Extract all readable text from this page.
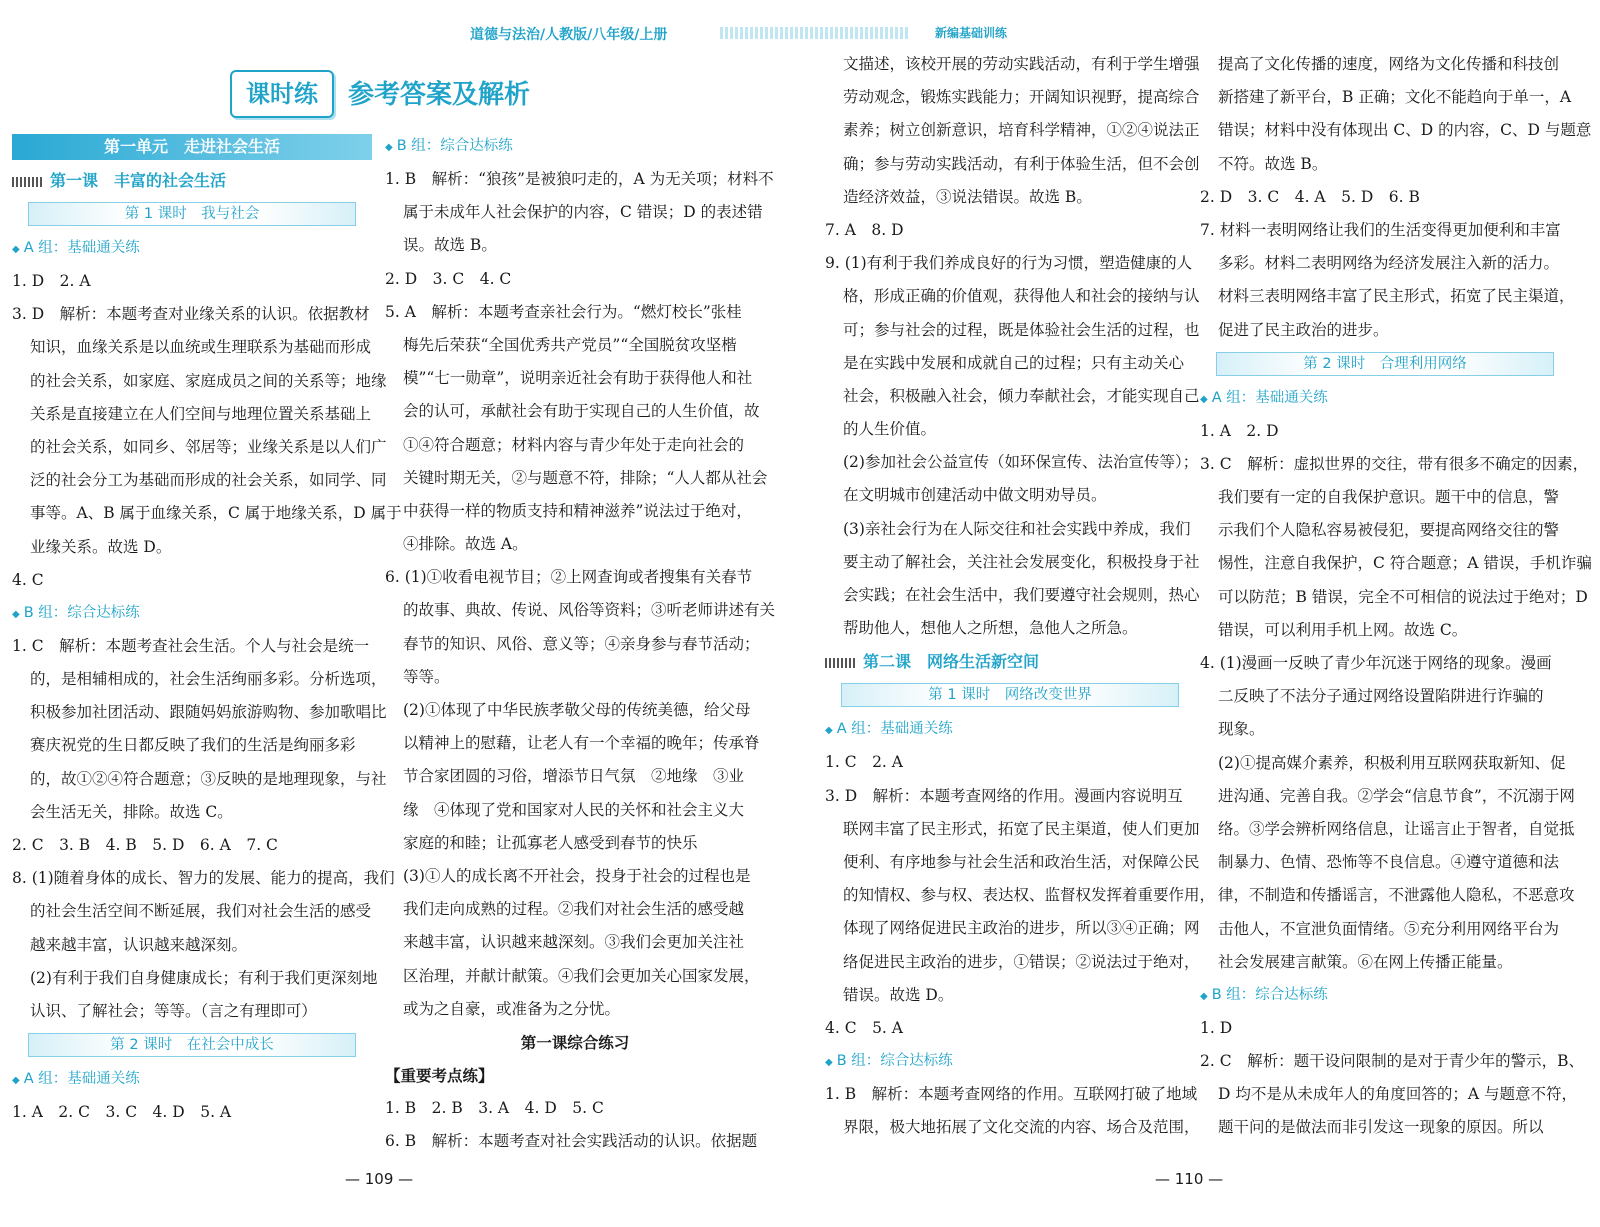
道德与法治/人教版/八年级/上册	新编基础训练
课时练	参考答案及解析
第一单元　走进社会生活
第一课　丰富的社会生活
第 1 课时　我与社会
◆ A 组：基础通关练
1. D　2. A
3. D　解析：本题考查对业缘关系的认识。依据教材
知识，血缘关系是以血统或生理联系为基础而形成
的社会关系，如家庭、家庭成员之间的关系等；地缘
关系是直接建立在人们空间与地理位置关系基础上
的社会关系，如同乡、邻居等；业缘关系是以人们广
泛的社会分工为基础而形成的社会关系，如同学、同
事等。A、B 属于血缘关系，C 属于地缘关系，D 属于
业缘关系。故选 D。
4. C
◆ B 组：综合达标练
1. C　解析：本题考查社会生活。个人与社会是统一
的，是相辅相成的，社会生活绚丽多彩。分析选项，
积极参加社团活动、跟随妈妈旅游购物、参加歌唱比
赛庆祝党的生日都反映了我们的生活是绚丽多彩
的，故①②④符合题意；③反映的是地理现象，与社
会生活无关，排除。故选 C。
2. C　3. B　4. B　5. D　6. A　7. C
8. (1)随着身体的成长、智力的发展、能力的提高，我们
的社会生活空间不断延展，我们对社会生活的感受
越来越丰富，认识越来越深刻。
(2)有利于我们自身健康成长；有利于我们更深刻地
认识、了解社会；等等。（言之有理即可）
第 2 课时　在社会中成长
◆ A 组：基础通关练
1. A　2. C　3. C　4. D　5. A
◆ B 组：综合达标练
1. B　解析：“狼孩”是被狼叼走的，A 为无关项；材料不
属于未成年人社会保护的内容，C 错误；D 的表述错
误。故选 B。
2. D　3. C　4. C
5. A　解析：本题考查亲社会行为。“燃灯校长”张桂
梅先后荣获“全国优秀共产党员”“全国脱贫攻坚楷
模”“七一勋章”，说明亲近社会有助于获得他人和社
会的认可，承献社会有助于实现自己的人生价值，故
①④符合题意；材料内容与青少年处于走向社会的
关键时期无关，②与题意不符，排除；“人人都从社会
中获得一样的物质支持和精神滋养”说法过于绝对，
④排除。故选 A。
6. (1)①收看电视节目；②上网查询或者搜集有关春节
的故事、典故、传说、风俗等资料；③听老师讲述有关
春节的知识、风俗、意义等；④亲身参与春节活动；
等等。
(2)①体现了中华民族孝敬父母的传统美德，给父母
以精神上的慰藉，让老人有一个幸福的晚年；传承脊
节合家团圆的习俗，增添节日气氛　②地缘　③业
缘　④体现了党和国家对人民的关怀和社会主义大
家庭的和睦；让孤寡老人感受到春节的快乐
(3)①人的成长离不开社会，投身于社会的过程也是
我们走向成熟的过程。②我们对社会生活的感受越
来越丰富，认识越来越深刻。③我们会更加关注社
区治理，并献计献策。④我们会更加关心国家发展，
或为之自豪，或准备为之分忧。
第一课综合练习
【重要考点练】
1. B　2. B　3. A　4. D　5. C
6. B　解析：本题考查对社会实践活动的认识。依据题
文描述，该校开展的劳动实践活动，有利于学生增强
劳动观念，锻炼实践能力；开阔知识视野，提高综合
素养；树立创新意识，培育科学精神，①②④说法正
确；参与劳动实践活动，有利于体验生活，但不会创
造经济效益，③说法错误。故选 B。
7. A　8. D
9. (1)有利于我们养成良好的行为习惯，塑造健康的人
格，形成正确的价值观，获得他人和社会的接纳与认
可；参与社会的过程，既是体验社会生活的过程，也
是在实践中发展和成就自己的过程；只有主动关心
社会，积极融入社会，倾力奉献社会，才能实现自己
的人生价值。
(2)参加社会公益宣传（如环保宣传、法治宣传等）；
在文明城市创建活动中做文明劝导员。
(3)亲社会行为在人际交往和社会实践中养成，我们
要主动了解社会，关注社会发展变化，积极投身于社
会实践；在社会生活中，我们要遵守社会规则，热心
帮助他人，想他人之所想，急他人之所急。
第二课　网络生活新空间
第 1 课时　网络改变世界
◆ A 组：基础通关练
1. C　2. A
3. D　解析：本题考查网络的作用。漫画内容说明互
联网丰富了民主形式，拓宽了民主渠道，使人们更加
便利、有序地参与社会生活和政治生活，对保障公民
的知情权、参与权、表达权、监督权发挥着重要作用，
体现了网络促进民主政治的进步，所以③④正确；网
络促进民主政治的进步，①错误；②说法过于绝对，
错误。故选 D。
4. C　5. A
◆ B 组：综合达标练
1. B　解析：本题考查网络的作用。互联网打破了地域
界限，极大地拓展了文化交流的内容、场合及范围，
提高了文化传播的速度，网络为文化传播和科技创
新搭建了新平台，B 正确；文化不能趋向于单一，A
错误；材料中没有体现出 C、D 的内容，C、D 与题意
不符。故选 B。
2. D　3. C　4. A　5. D　6. B
7. 材料一表明网络让我们的生活变得更加便利和丰富
多彩。材料二表明网络为经济发展注入新的活力。
材料三表明网络丰富了民主形式，拓宽了民主渠道，
促进了民主政治的进步。
第 2 课时　合理利用网络
◆ A 组：基础通关练
1. A　2. D
3. C　解析：虚拟世界的交往，带有很多不确定的因素，
我们要有一定的自我保护意识。题干中的信息，警
示我们个人隐私容易被侵犯，要提高网络交往的警
惕性，注意自我保护，C 符合题意；A 错误，手机诈骗
可以防范；B 错误，完全不可相信的说法过于绝对；D
错误，可以利用手机上网。故选 C。
4. (1)漫画一反映了青少年沉迷于网络的现象。漫画
二反映了不法分子通过网络设置陷阱进行诈骗的
现象。
(2)①提高媒介素养，积极利用互联网获取新知、促
进沟通、完善自我。②学会“信息节食”，不沉溺于网
络。③学会辨析网络信息，让谣言止于智者，自觉抵
制暴力、色情、恐怖等不良信息。④遵守道德和法
律，不制造和传播谣言，不泄露他人隐私，不恶意攻
击他人，不宣泄负面情绪。⑤充分利用网络平台为
社会发展建言献策。⑥在网上传播正能量。
◆ B 组：综合达标练
1. D
2. C　解析：题干设问限制的是对于青少年的警示，B、
D 均不是从未成年人的角度回答的；A 与题意不符，
题干问的是做法而非引发这一现象的原因。所以
— 109 —	— 110 —
